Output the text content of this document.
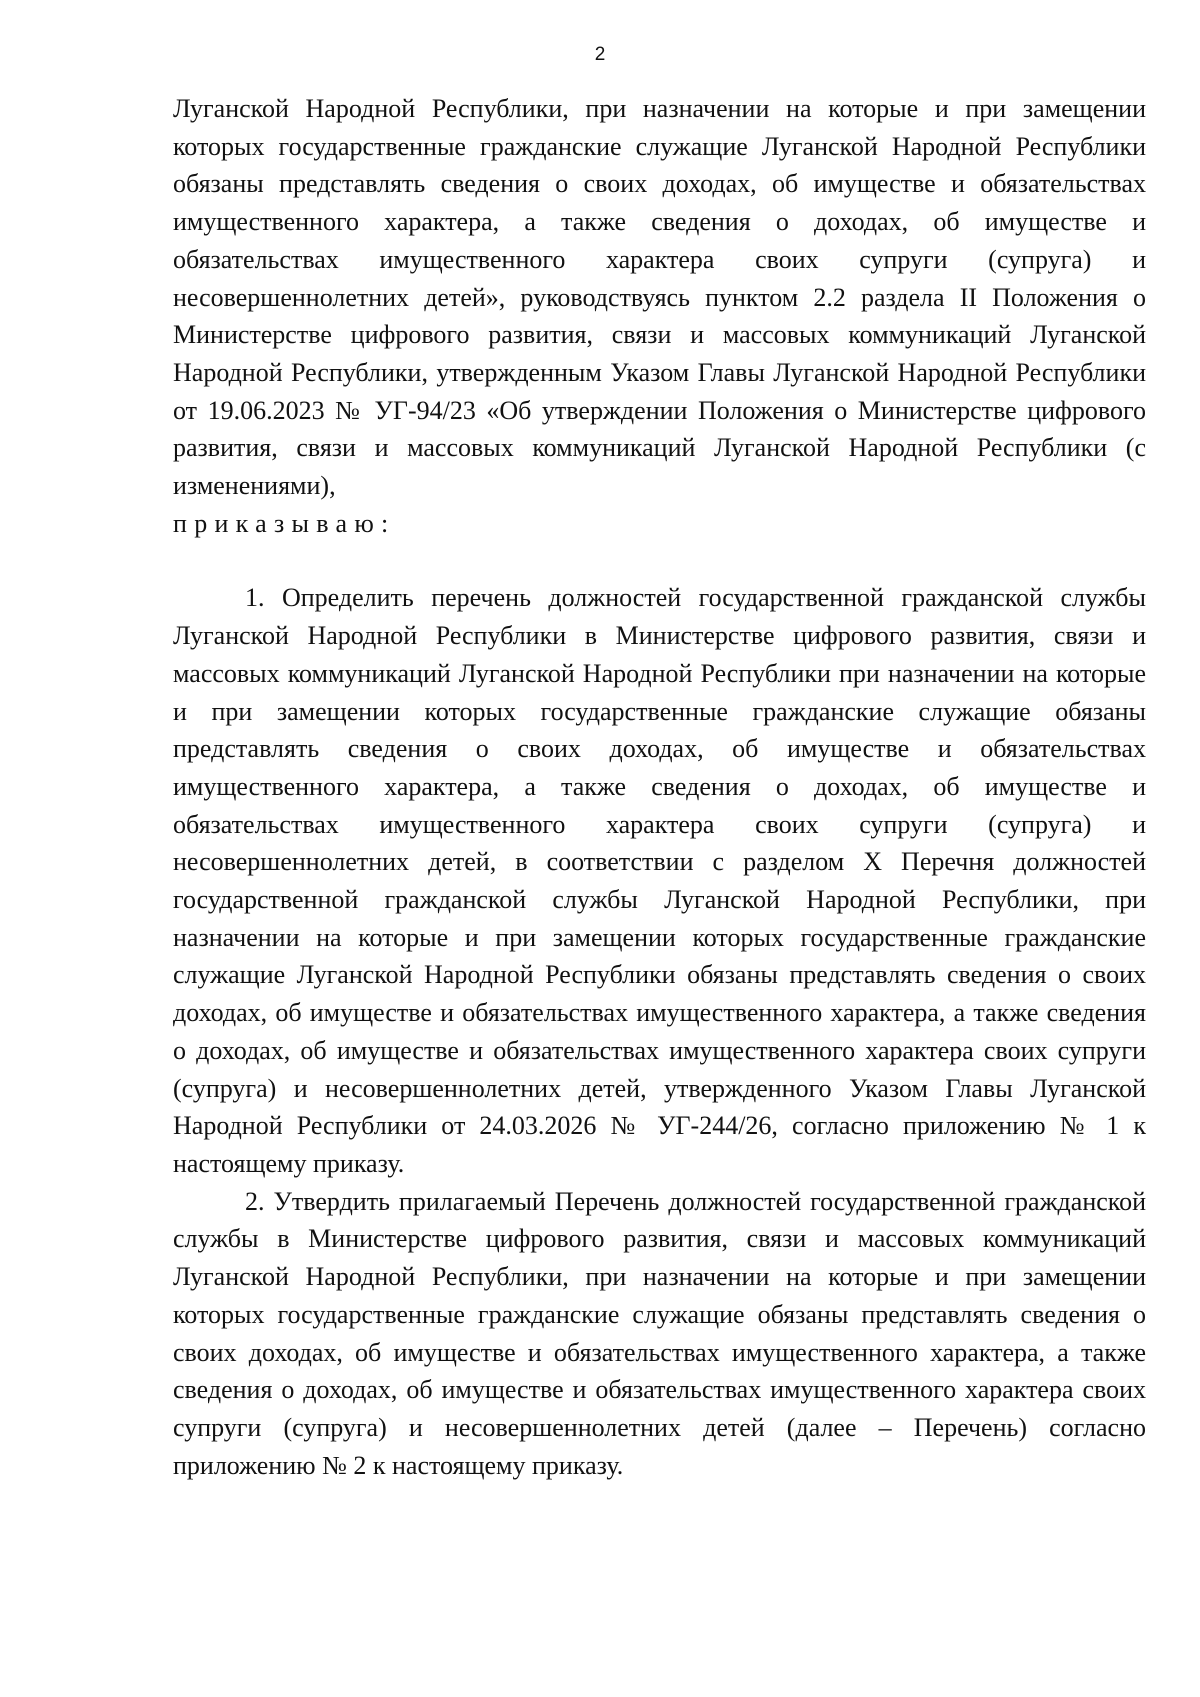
2

Луганской Народной Республики, при назначении на которые и при замещении которых государственные гражданские служащие Луганской Народной Республики обязаны представлять сведения о своих доходах, об имуществе и обязательствах имущественного характера, а также сведения о доходах, об имуществе и обязательствах имущественного характера своих супруги (супруга) и несовершеннолетних детей», руководствуясь пунктом 2.2 раздела II Положения о Министерстве цифрового развития, связи и массовых коммуникаций Луганской Народной Республики, утвержденным Указом Главы Луганской Народной Республики от 19.06.2023 № УГ-94/23 «Об утверждении Положения о Министерстве цифрового развития, связи и массовых коммуникаций Луганской Народной Республики (с изменениями),

приказываю:

1. Определить перечень должностей государственной гражданской службы Луганской Народной Республики в Министерстве цифрового развития, связи и массовых коммуникаций Луганской Народной Республики при назначении на которые и при замещении которых государственные гражданские служащие обязаны представлять сведения о своих доходах, об имуществе и обязательствах имущественного характера, а также сведения о доходах, об имуществе и обязательствах имущественного характера своих супруги (супруга) и несовершеннолетних детей, в соответствии с разделом X Перечня должностей государственной гражданской службы Луганской Народной Республики, при назначении на которые и при замещении которых государственные гражданские служащие Луганской Народной Республики обязаны представлять сведения о своих доходах, об имуществе и обязательствах имущественного характера, а также сведения о доходах, об имуществе и обязательствах имущественного характера своих супруги (супруга) и несовершеннолетних детей, утвержденного Указом Главы Луганской Народной Республики от 24.03.2026 № УГ-244/26, согласно приложению № 1 к настоящему приказу.

2. Утвердить прилагаемый Перечень должностей государственной гражданской службы в Министерстве цифрового развития, связи и массовых коммуникаций Луганской Народной Республики, при назначении на которые и при замещении которых государственные гражданские служащие обязаны представлять сведения о своих доходах, об имуществе и обязательствах имущественного характера, а также сведения о доходах, об имуществе и обязательствах имущественного характера своих супруги (супруга) и несовершеннолетних детей (далее – Перечень) согласно приложению № 2 к настоящему приказу.
